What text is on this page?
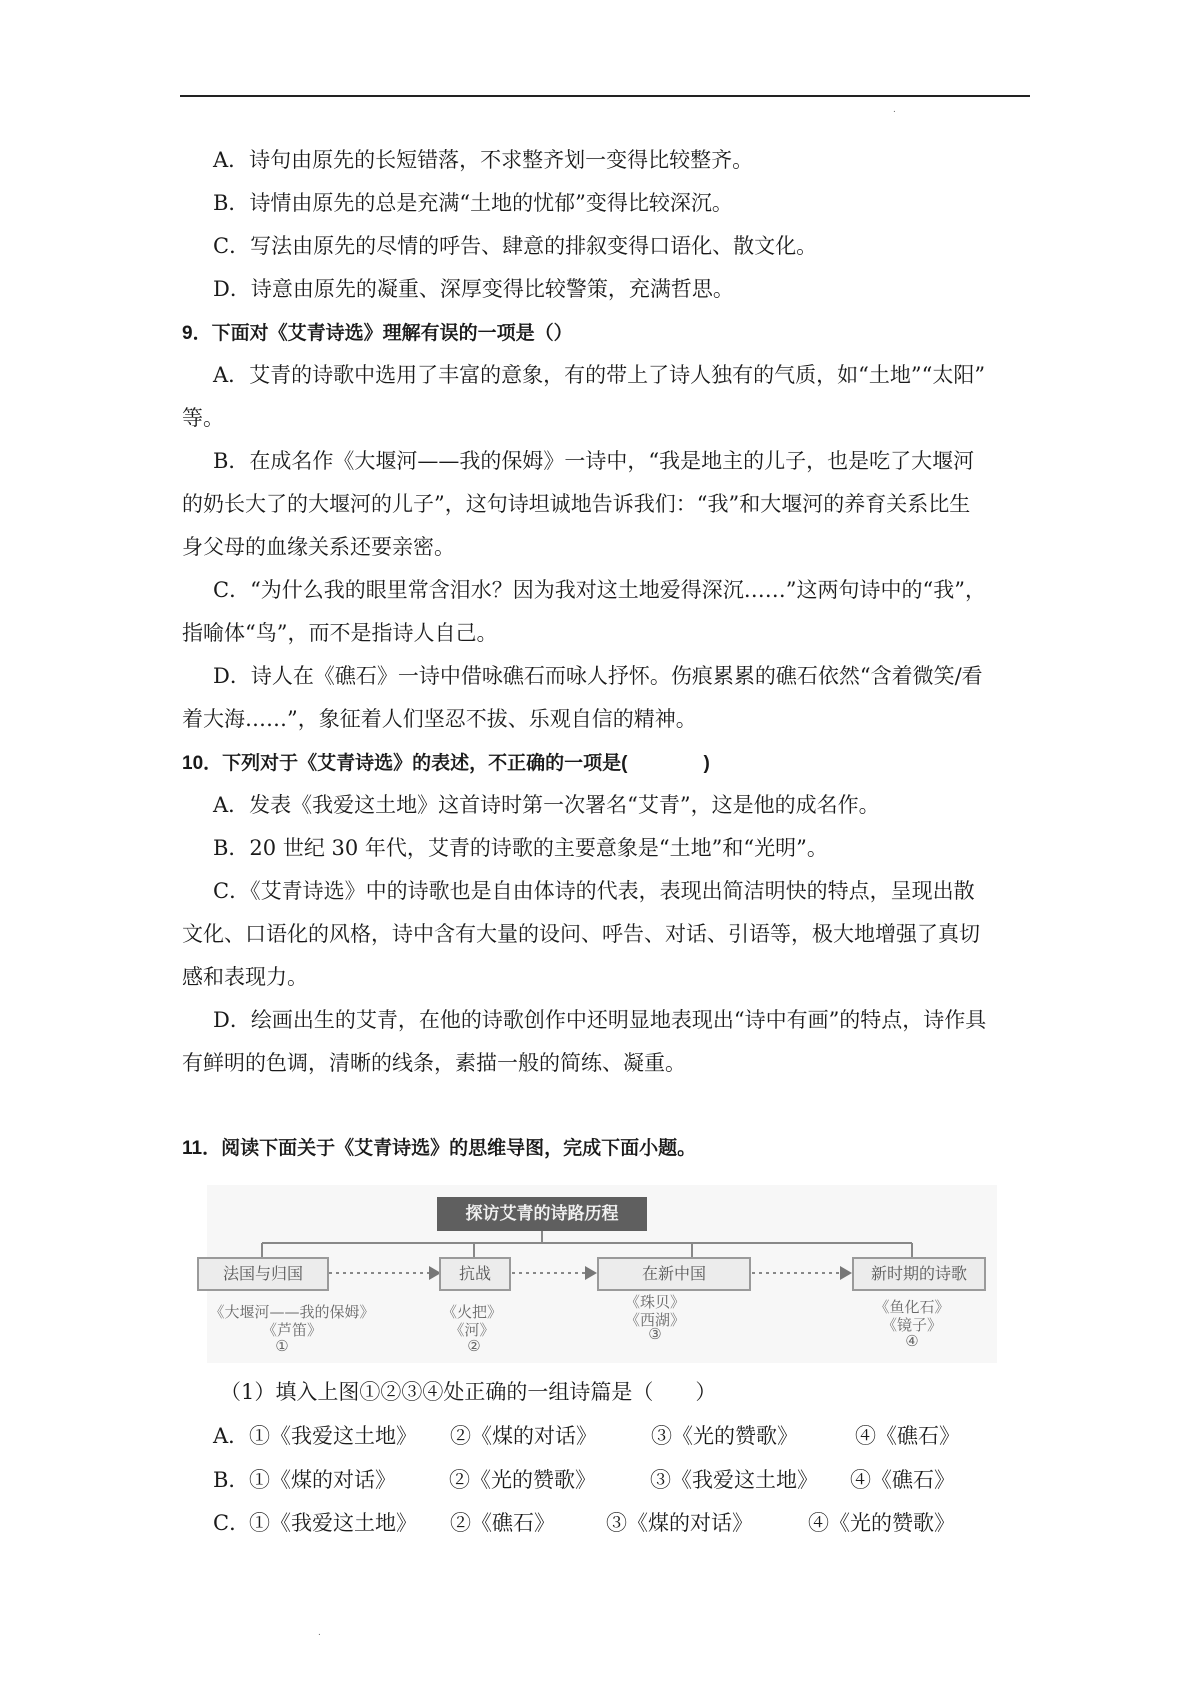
.
A．诗句由原先的长短错落，不求整齐划一变得比较整齐。
B．诗情由原先的总是充满“土地的忧郁”变得比较深沉。
C．写法由原先的尽情的呼告、肆意的排叙变得口语化、散文化。
D．诗意由原先的凝重、深厚变得比较警策，充满哲思。
9．下面对《艾青诗选》理解有误的一项是（）
A．艾青的诗歌中选用了丰富的意象，有的带上了诗人独有的气质，如“土地”“太阳”
等。
B．在成名作《大堰河——我的保姆》一诗中，“我是地主的儿子，也是吃了大堰河
的奶长大了的大堰河的儿子”，这句诗坦诚地告诉我们：“我”和大堰河的养育关系比生
身父母的血缘关系还要亲密。
C．“为什么我的眼里常含泪水？因为我对这土地爱得深沉……”这两句诗中的“我”，
指喻体“鸟”，而不是指诗人自己。
D．诗人在《礁石》一诗中借咏礁石而咏人抒怀。伤痕累累的礁石依然“含着微笑/看
着大海……”，象征着人们坚忍不拔、乐观自信的精神。
10．下列对于《艾青诗选》的表述，不正确的一项是(　　　　)
A．发表《我爱这土地》这首诗时第一次署名“艾青”，这是他的成名作。
B．20 世纪 30 年代，艾青的诗歌的主要意象是“土地”和“光明”。
C．《艾青诗选》中的诗歌也是自由体诗的代表，表现出简洁明快的特点，呈现出散
文化、口语化的风格，诗中含有大量的设问、呼告、对话、引语等，极大地增强了真切
感和表现力。
D．绘画出生的艾青，在他的诗歌创作中还明显地表现出“诗中有画”的特点，诗作具
有鲜明的色调，清晰的线条，素描一般的简练、凝重。
11．阅读下面关于《艾青诗选》的思维导图，完成下面小题。
探访艾青的诗路历程
法国与归国	抗战	在新中国	新时期的诗歌
《大堰河——我的保姆》
《芦笛》
①
《火把》
《河》
②
《珠贝》
《西湖》
③
《鱼化石》
《镜子》
④
（1）填入上图①②③④处正确的一组诗篇是（　　）
A． ①《我爱这土地》 ②《煤的对话》	③《光的赞歌》	④《礁石》
B． ①《煤的对话》	②《光的赞歌》	③《我爱这土地》 ④《礁石》
C．
①《我爱这土地》 ②《礁石》 ③《煤的对话》	④《光的赞歌》
.
